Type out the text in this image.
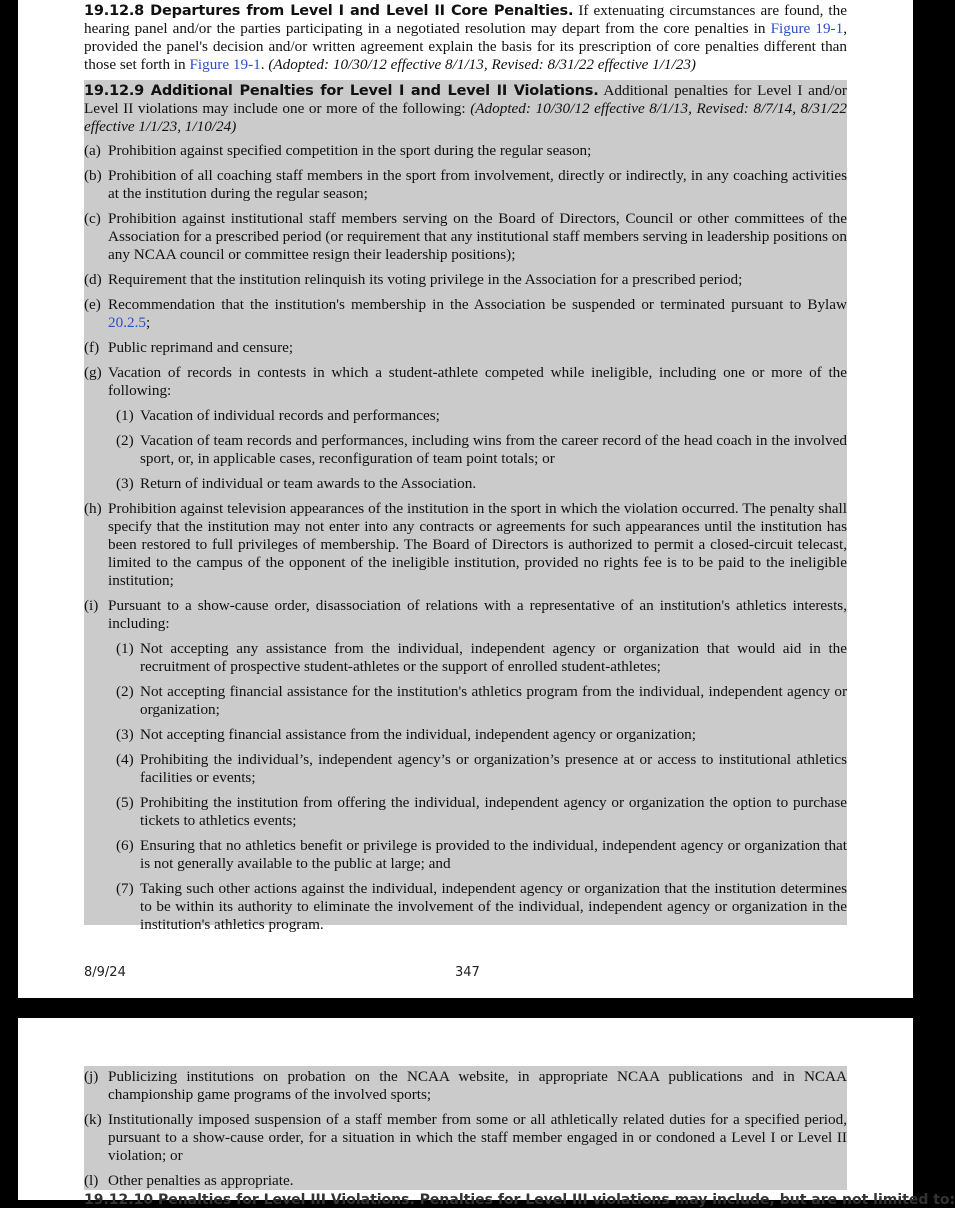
19.12.8 Departures from Level I and Level II Core Penalties. If extenuating circumstances are found, the hearing panel and/or the parties participating in a negotiated resolution may depart from the core penalties in Figure 19-1, provided the panel's decision and/or written agreement explain the basis for its prescription of core penalties different than those set forth in Figure 19-1. (Adopted: 10/30/12 effective 8/1/13, Revised: 8/31/22 effective 1/1/23)

19.12.9 Additional Penalties for Level I and Level II Violations. Additional penalties for Level I and/or Level II violations may include one or more of the following: (Adopted: 10/30/12 effective 8/1/13, Revised: 8/7/14, 8/31/22 effective 1/1/23, 1/10/24)

(a) Prohibition against specified competition in the sport during the regular season;
(b) Prohibition of all coaching staff members in the sport from involvement, directly or indirectly, in any coaching activities at the institution during the regular season;
(c) Prohibition against institutional staff members serving on the Board of Directors, Council or other committees of the Association for a prescribed period (or requirement that any institutional staff members serving in leadership positions on any NCAA council or committee resign their leadership positions);
(d) Requirement that the institution relinquish its voting privilege in the Association for a prescribed period;
(e) Recommendation that the institution's membership in the Association be suspended or terminated pursuant to Bylaw 20.2.5;
(f) Public reprimand and censure;
(g) Vacation of records in contests in which a student-athlete competed while ineligible, including one or more of the following:
(1) Vacation of individual records and performances;
(2) Vacation of team records and performances, including wins from the career record of the head coach in the involved sport, or, in applicable cases, reconfiguration of team point totals; or
(3) Return of individual or team awards to the Association.
(h) Prohibition against television appearances of the institution in the sport in which the violation occurred. The penalty shall specify that the institution may not enter into any contracts or agreements for such appearances until the institution has been restored to full privileges of membership. The Board of Directors is authorized to permit a closed-circuit telecast, limited to the campus of the opponent of the ineligible institution, provided no rights fee is to be paid to the ineligible institution;
(i) Pursuant to a show-cause order, disassociation of relations with a representative of an institution's athletics interests, including:
(1) Not accepting any assistance from the individual, independent agency or organization that would aid in the recruitment of prospective student-athletes or the support of enrolled student-athletes;
(2) Not accepting financial assistance for the institution's athletics program from the individual, independent agency or organization;
(3) Not accepting financial assistance from the individual, independent agency or organization;
(4) Prohibiting the individual’s, independent agency’s or organization’s presence at or access to institutional athletics facilities or events;
(5) Prohibiting the institution from offering the individual, independent agency or organization the option to purchase tickets to athletics events;
(6) Ensuring that no athletics benefit or privilege is provided to the individual, independent agency or organization that is not generally available to the public at large; and
(7) Taking such other actions against the individual, independent agency or organization that the institution determines to be within its authority to eliminate the involvement of the individual, independent agency or organization in the institution's athletics program.
8/9/24	347
(j) Publicizing institutions on probation on the NCAA website, in appropriate NCAA publications and in NCAA championship game programs of the involved sports;
(k) Institutionally imposed suspension of a staff member from some or all athletically related duties for a specified period, pursuant to a show-cause order, for a situation in which the staff member engaged in or condoned a Level I or Level II violation; or
(l) Other penalties as appropriate.
19.12.10 Penalties for Level III Violations. Penalties for Level III violations may include, but are not limited to:
